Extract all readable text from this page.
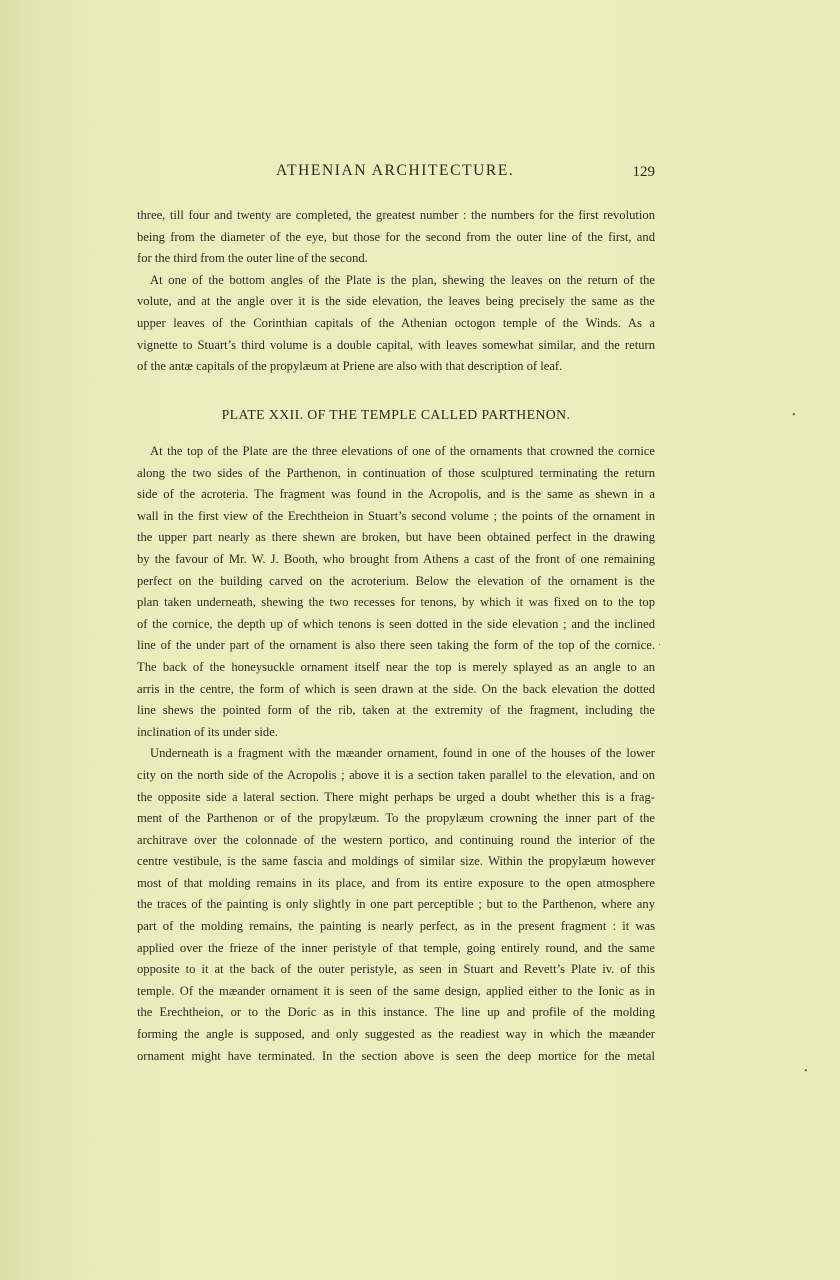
ATHENIAN ARCHITECTURE.	129

three, till four and twenty are completed, the greatest number : the numbers for the first revolution
being from the diameter of the eye, but those for the second from the outer line of the first, and
for the third from the outer line of the second.

At one of the bottom angles of the Plate is the plan, shewing the leaves on the return of the
volute, and at the angle over it is the side elevation, the leaves being precisely the same as the
upper leaves of the Corinthian capitals of the Athenian octogon temple of the Winds. As a
vignette to Stuart’s third volume is a double capital, with leaves somewhat similar, and the return
of the antæ capitals of the propylæum at Priene are also with that description of leaf.

PLATE XXII. OF THE TEMPLE CALLED PARTHENON.

At the top of the Plate are the three elevations of one of the ornaments that crowned the cornice
along the two sides of the Parthenon, in continuation of those sculptured terminating the return
side of the acroteria. The fragment was found in the Acropolis, and is the same as shewn in a
wall in the first view of the Erechtheion in Stuart’s second volume ; the points of the ornament in
the upper part nearly as there shewn are broken, but have been obtained perfect in the drawing
by the favour of Mr. W. J. Booth, who brought from Athens a cast of the front of one remaining
perfect on the building carved on the acroterium. Below the elevation of the ornament is the
plan taken underneath, shewing the two recesses for tenons, by which it was fixed on to the top
of the cornice, the depth up of which tenons is seen dotted in the side elevation ; and the inclined
line of the under part of the ornament is also there seen taking the form of the top of the cornice.
The back of the honeysuckle ornament itself near the top is merely splayed as an angle to an
arris in the centre, the form of which is seen drawn at the side. On the back elevation the dotted
line shews the pointed form of the rib, taken at the extremity of the fragment, including the
inclination of its under side.

Underneath is a fragment with the mæander ornament, found in one of the houses of the lower
city on the north side of the Acropolis ; above it is a section taken parallel to the elevation, and on
the opposite side a lateral section. There might perhaps be urged a doubt whether this is a frag-
ment of the Parthenon or of the propylæum. To the propylæum crowning the inner part of the
architrave over the colonnade of the western portico, and continuing round the interior of the
centre vestibule, is the same fascia and moldings of similar size. Within the propylæum however
most of that molding remains in its place, and from its entire exposure to the open atmosphere
the traces of the painting is only slightly in one part perceptible ; but to the Parthenon, where any
part of the molding remains, the painting is nearly perfect, as in the present fragment : it was
applied over the frieze of the inner peristyle of that temple, going entirely round, and the same
opposite to it at the back of the outer peristyle, as seen in Stuart and Revett’s Plate iv. of this
temple. Of the mæander ornament it is seen of the same design, applied either to the Ionic as in
the Erechtheion, or to the Doric as in this instance. The line up and profile of the molding
forming the angle is supposed, and only suggested as the readiest way in which the mæander
ornament might have terminated. In the section above is seen the deep mortice for the metal

•
•
·
